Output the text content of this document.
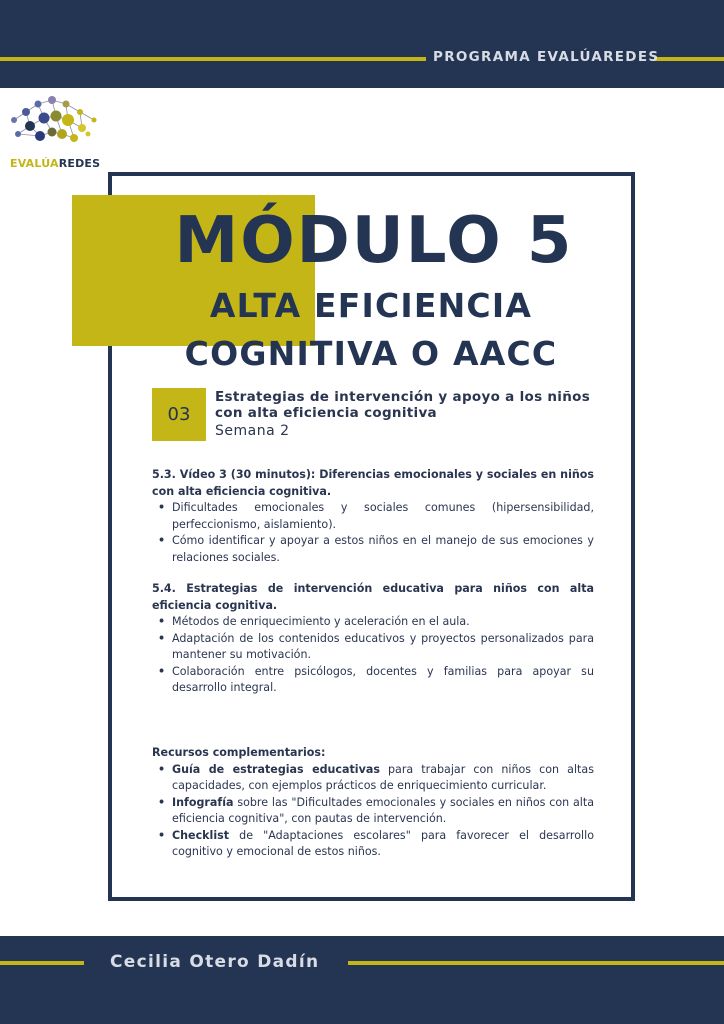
PROGRAMA EVALÚAREDES
EVALÚAREDES
MÓDULO 5
ALTA EFICIENCIA
COGNITIVA O AACC
03
Estrategias de intervención y apoyo a los niños con alta eficiencia cognitiva
Semana 2
5.3. Vídeo 3 (30 minutos): Diferencias emocionales y sociales en niños con alta eficiencia cognitiva.
• Dificultades emocionales y sociales comunes (hipersensibilidad, perfeccionismo, aislamiento).
• Cómo identificar y apoyar a estos niños en el manejo de sus emociones y relaciones sociales.
5.4. Estrategias de intervención educativa para niños con alta eficiencia cognitiva.
• Métodos de enriquecimiento y aceleración en el aula.
• Adaptación de los contenidos educativos y proyectos personalizados para mantener su motivación.
• Colaboración entre psicólogos, docentes y familias para apoyar su desarrollo integral.
Recursos complementarios:
• Guía de estrategias educativas para trabajar con niños con altas capacidades, con ejemplos prácticos de enriquecimiento curricular.
• Infografía sobre las "Dificultades emocionales y sociales en niños con alta eficiencia cognitiva", con pautas de intervención.
• Checklist de "Adaptaciones escolares" para favorecer el desarrollo cognitivo y emocional de estos niños.
Cecilia Otero Dadín
